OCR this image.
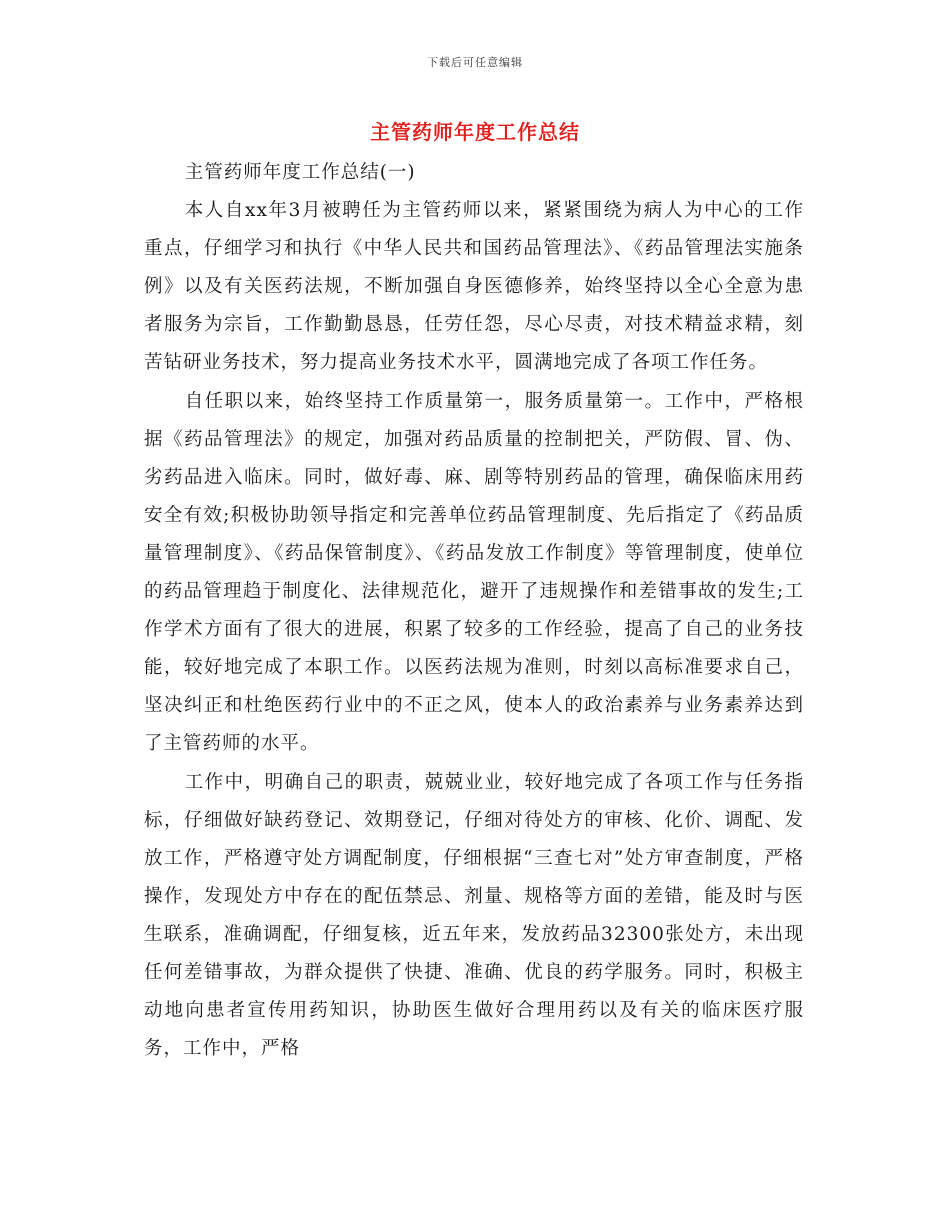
下载后可任意编辑
主管药师年度工作总结

主管药师年度工作总结(一)

本人自xx年3月被聘任为主管药师以来，紧紧围绕为病人为中心的工作重点，仔细学习和执行《中华人民共和国药品管理法》、《药品管理法实施条例》以及有关医药法规，不断加强自身医德修养，始终坚持以全心全意为患者服务为宗旨，工作勤勤恳恳，任劳任怨，尽心尽责，对技术精益求精，刻苦钻研业务技术，努力提高业务技术水平，圆满地完成了各项工作任务。

自任职以来，始终坚持工作质量第一，服务质量第一。工作中，严格根据《药品管理法》的规定，加强对药品质量的控制把关，严防假、冒、伪、劣药品进入临床。同时，做好毒、麻、剧等特别药品的管理，确保临床用药安全有效;积极协助领导指定和完善单位药品管理制度、先后指定了《药品质量管理制度》、《药品保管制度》、《药品发放工作制度》等管理制度，使单位的药品管理趋于制度化、法律规范化，避开了违规操作和差错事故的发生;工作学术方面有了很大的进展，积累了较多的工作经验，提高了自己的业务技能，较好地完成了本职工作。以医药法规为准则，时刻以高标准要求自己，坚决纠正和杜绝医药行业中的不正之风，使本人的政治素养与业务素养达到了主管药师的水平。

工作中，明确自己的职责，兢兢业业，较好地完成了各项工作与任务指标，仔细做好缺药登记、效期登记，仔细对待处方的审核、化价、调配、发放工作，严格遵守处方调配制度，仔细根据“三查七对”处方审查制度，严格操作，发现处方中存在的配伍禁忌、剂量、规格等方面的差错，能及时与医生联系，准确调配，仔细复核，近五年来，发放药品32300张处方，未出现任何差错事故，为群众提供了快捷、准确、优良的药学服务。同时，积极主动地向患者宣传用药知识，协助医生做好合理用药以及有关的临床医疗服务，工作中，严格
